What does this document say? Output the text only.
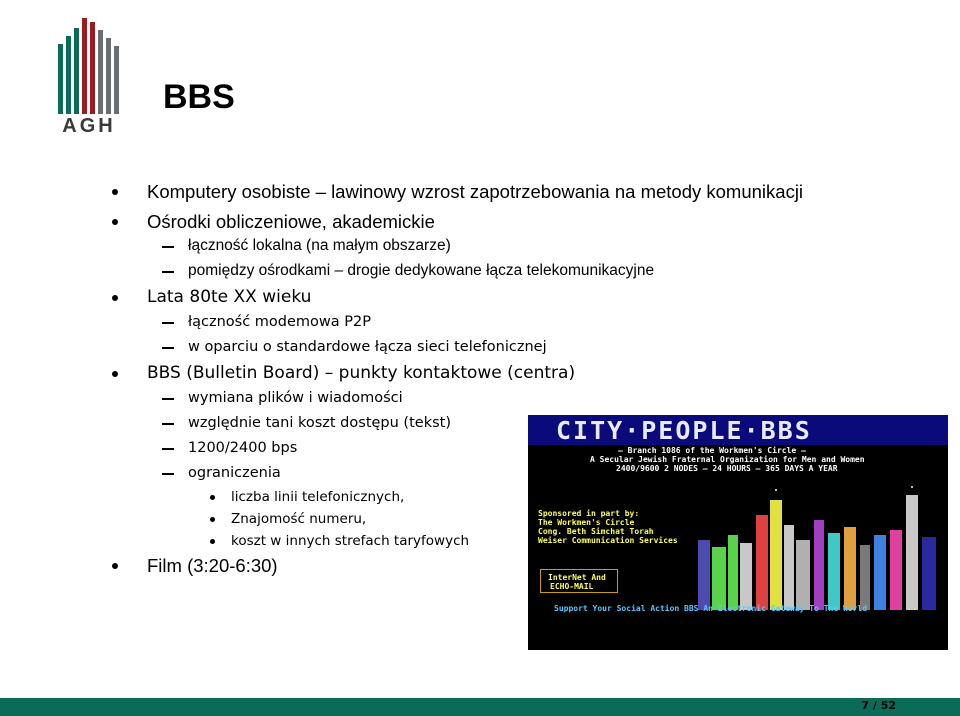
AGH
BBS
Komputery osobiste – lawinowy wzrost zapotrzebowania na metody komunikacji
Ośrodki obliczeniowe, akademickie
łączność lokalna (na małym obszarze)
pomiędzy ośrodkami – drogie dedykowane łącza telekomunikacyjne
Lata 80te XX wieku
łączność modemowa P2P
w oparciu o standardowe łącza sieci telefonicznej
BBS (Bulletin Board) – punkty kontaktowe (centra)
wymiana plików i wiadomości
względnie tani koszt dostępu (tekst)
1200/2400 bps
ograniczenia
liczba linii telefonicznych,
Znajomość numeru,
koszt w innych strefach taryfowych
Film (3:20-6:30)
CITY·PEOPLE·BBS
– Branch 1086 of the Workmen's Circle –
A Secular Jewish Fraternal Organization for Men and Women
2400/9600 2 NODES – 24 HOURS – 365 DAYS A YEAR
Sponsored in part by:
The Workmen's Circle
Cong. Beth Simchat Torah
Weiser Communication Services
InterNet And
ECHO-MAIL
Support Your Social Action BBS An Electronic Gateway To The World
7 / 52
